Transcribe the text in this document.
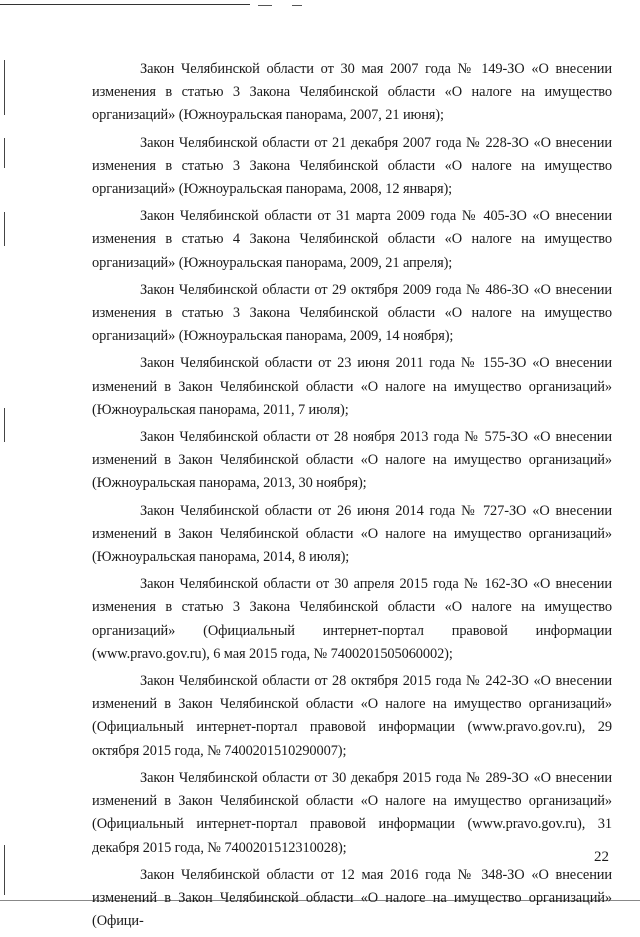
Закон Челябинской области от 30 мая 2007 года № 149-ЗО «О внесении изменения в статью 3 Закона Челябинской области «О налоге на имущество организаций» (Южноуральская панорама, 2007, 21 июня);

Закон Челябинской области от 21 декабря 2007 года № 228-ЗО «О внесении изменения в статью 3 Закона Челябинской области «О налоге на имущество организаций» (Южноуральская панорама, 2008, 12 января);

Закон Челябинской области от 31 марта 2009 года № 405-ЗО «О внесении изменения в статью 4 Закона Челябинской области «О налоге на имущество организаций» (Южноуральская панорама, 2009, 21 апреля);

Закон Челябинской области от 29 октября 2009 года № 486-ЗО «О внесении изменения в статью 3 Закона Челябинской области «О налоге на имущество организаций» (Южноуральская панорама, 2009, 14 ноября);

Закон Челябинской области от 23 июня 2011 года № 155-ЗО «О внесении изменений в Закон Челябинской области «О налоге на имущество организаций» (Южноуральская панорама, 2011, 7 июля);

Закон Челябинской области от 28 ноября 2013 года № 575-ЗО «О внесении изменений в Закон Челябинской области «О налоге на имущество организаций» (Южноуральская панорама, 2013, 30 ноября);

Закон Челябинской области от 26 июня 2014 года № 727-ЗО «О внесении изменений в Закон Челябинской области «О налоге на имущество организаций» (Южноуральская панорама, 2014, 8 июля);

Закон Челябинской области от 30 апреля 2015 года № 162-ЗО «О внесении изменения в статью 3 Закона Челябинской области «О налоге на имущество организаций» (Официальный интернет-портал правовой информации (www.pravo.gov.ru), 6 мая 2015 года, № 7400201505060002);

Закон Челябинской области от 28 октября 2015 года № 242-ЗО «О внесении изменений в Закон Челябинской области «О налоге на имущество организаций» (Официальный интернет-портал правовой информации (www.pravo.gov.ru), 29 октября 2015 года, № 7400201510290007);

Закон Челябинской области от 30 декабря 2015 года № 289-ЗО «О внесении изменений в Закон Челябинской области «О налоге на имущество организаций» (Официальный интернет-портал правовой информации (www.pravo.gov.ru), 31 декабря 2015 года, № 7400201512310028);

Закон Челябинской области от 12 мая 2016 года № 348-ЗО «О внесении изменений в Закон Челябинской области «О налоге на имущество организаций» (Офици-

22
